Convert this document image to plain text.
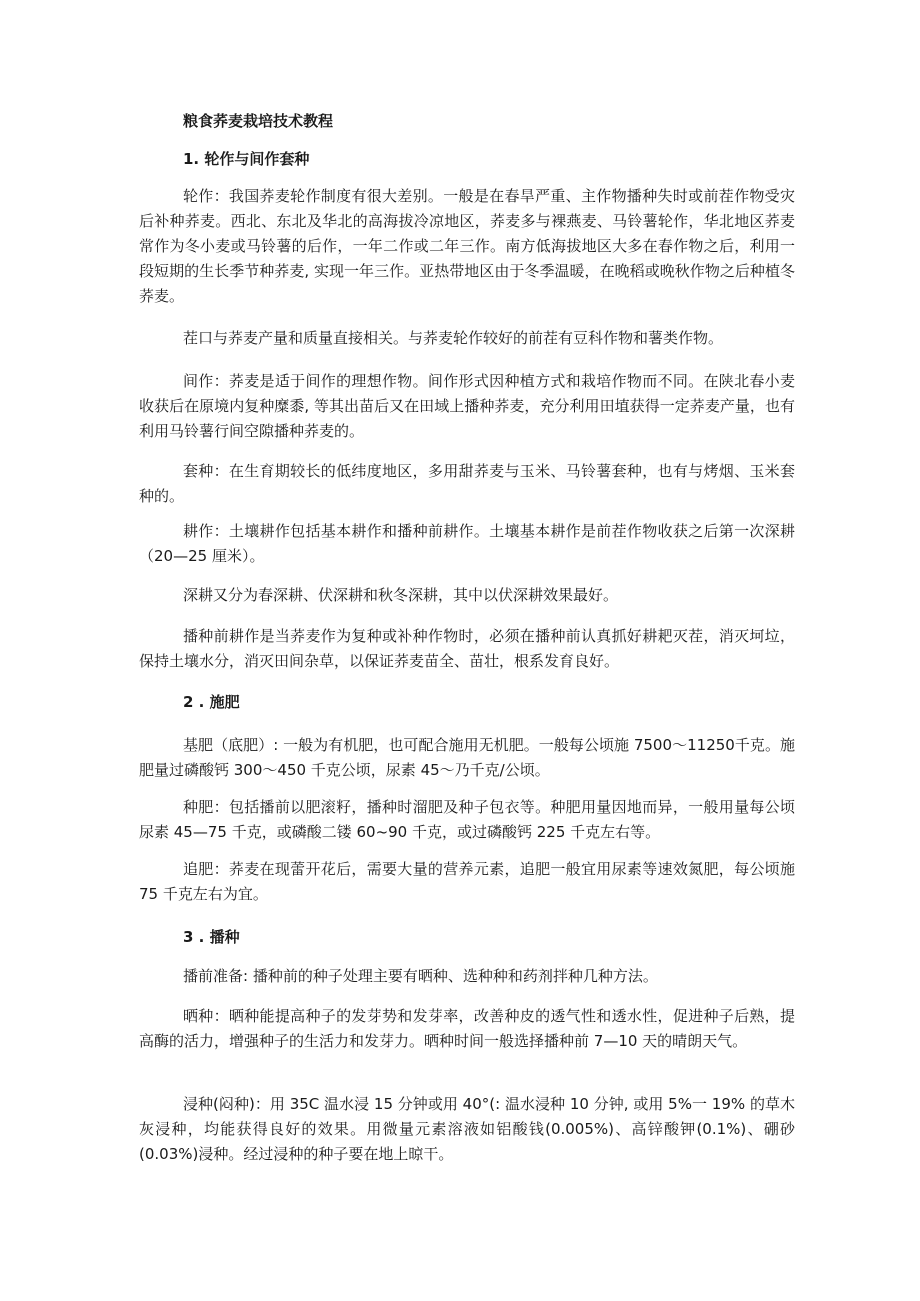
粮食荞麦栽培技术教程
1. 轮作与间作套种

轮作：我国荞麦轮作制度有很大差别。一般是在春旱严重、主作物播种失时或前茬作物受灾后补种荞麦。西北、东北及华北的高海拔冷凉地区，荞麦多与裸燕麦、马铃薯轮作，华北地区荞麦常作为冬小麦或马铃薯的后作，一年二作或二年三作。南方低海拔地区大多在春作物之后，利用一段短期的生长季节种荞麦, 实现一年三作。亚热带地区由于冬季温暖，在晚稻或晚秋作物之后种植冬荞麦。

茬口与荞麦产量和质量直接相关。与荞麦轮作较好的前茬有豆科作物和薯类作物。

间作：荞麦是适于间作的理想作物。间作形式因种植方式和栽培作物而不同。在陕北春小麦收获后在原境内复种糜黍, 等其出苗后又在田域上播种荞麦，充分利用田埴获得一定荞麦产量，也有利用马铃薯行间空隙播种荞麦的。

套种：在生育期较长的低纬度地区，多用甜荞麦与玉米、马铃薯套种，也有与烤烟、玉米套种的。

耕作：土壤耕作包括基本耕作和播种前耕作。土壤基本耕作是前茬作物收获之后第一次深耕（20—25 厘米）。

深耕又分为春深耕、伏深耕和秋冬深耕，其中以伏深耕效果最好。

播种前耕作是当荞麦作为复种或补种作物时，必须在播种前认真抓好耕耙灭茬，消灭坷垃，保持土壤水分，消灭田间杂草，以保证荞麦苗全、苗壮，根系发育良好。

2 . 施肥

基肥（底肥）: 一般为有机肥，也可配合施用无机肥。一般每公顷施 7500～11250千克。施肥量过磷酸钙 300～450 千克公顷，尿素 45～乃千克/公顷。

种肥：包括播前以肥滚籽，播种时溜肥及种子包衣等。种肥用量因地而异，一般用量每公顷尿素 45—75 千克，或磷酸二镂 60~90 千克，或过磷酸钙 225 千克左右等。

追肥：荞麦在现蕾开花后，需要大量的营养元素，追肥一般宜用尿素等速效氮肥，每公顷施 75 千克左右为宜。

3 . 播种

播前准备: 播种前的种子处理主要有晒种、选种种和药剂拌种几种方法。

晒种：晒种能提高种子的发芽势和发芽率，改善种皮的透气性和透水性，促进种子后熟，提高酶的活力，增强种子的生活力和发芽力。晒种时间一般选择播种前 7—10 天的晴朗天气。

浸种(闷种)：用 35C 温水浸 15 分钟或用 40°(: 温水浸种 10 分钟, 或用 5%一 19% 的草木灰浸种，均能获得良好的效果。用微量元素溶液如铝酸钱(0.005%)、高锌酸钾(0.1%)、硼砂(0.03%)浸种。经过浸种的种子要在地上晾干。
